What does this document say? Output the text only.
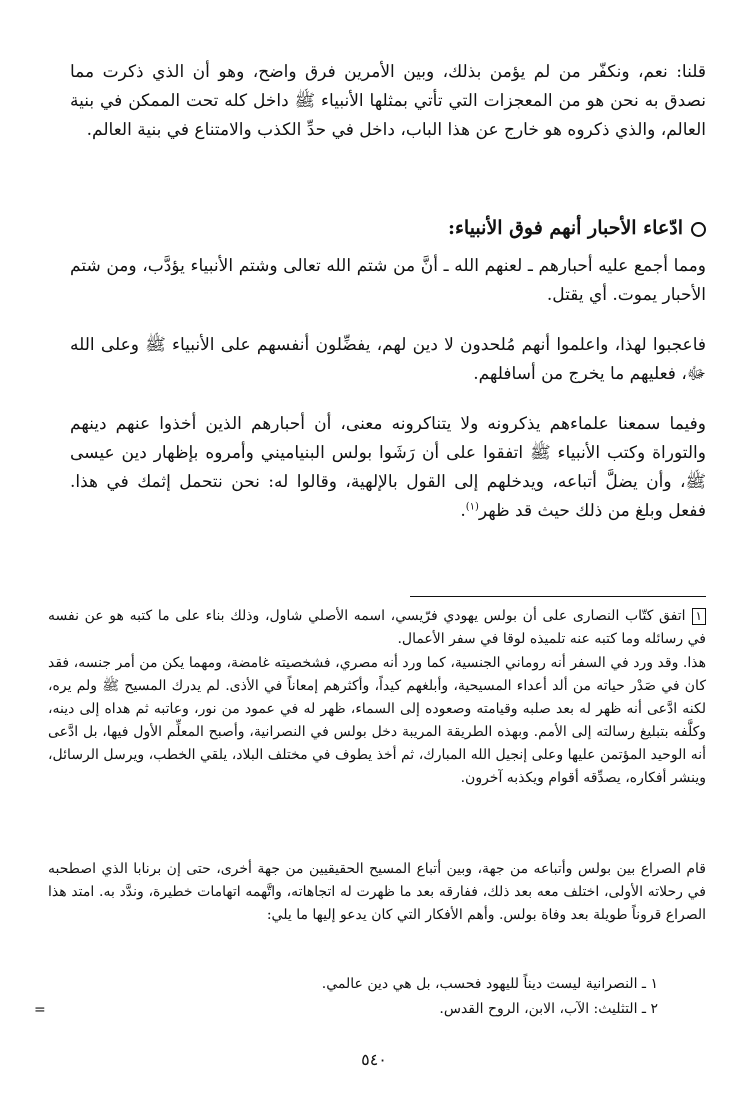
قلنا: نعم، ونكفّر من لم يؤمن بذلك، وبين الأمرين فرق واضح، وهو أن الذي ذكرت مما نصدق به نحن هو من المعجزات التي تأتي بمثلها الأنبياء ﷺ داخل كله تحت الممكن في بنية العالم، والذي ذكروه هو خارج عن هذا الباب، داخل في حدِّ الكذب والامتناع في بنية العالم.
ادّعاء الأحبار أنهم فوق الأنبياء:
ومما أجمع عليه أحبارهم ـ لعنهم الله ـ أنَّ من شتم الله تعالى وشتم الأنبياء يؤدَّب، ومن شتم الأحبار يموت. أي يقتل.
فاعجبوا لهذا، واعلموا أنهم مُلحدون لا دين لهم، يفضِّلون أنفسهم على الأنبياء ﷺ وعلى الله ﷻ، فعليهم ما يخرج من أسافلهم.
وفيما سمعنا علماءهم يذكرونه ولا يتناكرونه معنى، أن أحبارهم الذين أخذوا عنهم دينهم والتوراة وكتب الأنبياء ﷺ اتفقوا على أن رَشَوا بولس البنياميني وأمروه بإظهار دين عيسى ﷺ، وأن يضلَّ أتباعه، ويدخلهم إلى القول بالإلهية، وقالوا له: نحن نتحمل إثمك في هذا. ففعل وبلغ من ذلك حيث قد ظهر$^{(١)}$.
١اتفق كتّاب النصارى على أن بولس يهودي فرّيسي، اسمه الأصلي شاول، وذلك بناء على ما كتبه هو عن نفسه في رسائله وما كتبه عنه تلميذه لوقا في سفر الأعمال.
هذا. وقد ورد في السفر أنه روماني الجنسية، كما ورد أنه مصري، فشخصيته غامضة، ومهما يكن من أمر جنسه، فقد كان في صَدْر حياته من ألد أعداء المسيحية، وأبلغهم كيداً، وأكثرهم إمعاناً في الأذى. لم يدرك المسيح ﷺ ولم يره، لكنه ادَّعى أنه ظهر له بعد صلبه وقيامته وصعوده إلى السماء، ظهر له في عمود من نور، وعاتبه ثم هداه إلى دينه، وكلَّفه بتبليغ رسالته إلى الأمم. وبهذه الطريقة المريبة دخل بولس في النصرانية، وأصبح المعلِّم الأول فيها، بل ادَّعى أنه الوحيد المؤتمن عليها وعلى إنجيل الله المبارك، ثم أخذ يطوف في مختلف البلاد، يلقي الخطب، ويرسل الرسائل، وينشر أفكاره، يصدِّقه أقوام ويكذبه آخرون.
قام الصراع بين بولس وأتباعه من جهة، وبين أتباع المسيح الحقيقيين من جهة أخرى، حتى إن برنابا الذي اصطحبه في رحلاته الأولى، اختلف معه بعد ذلك، ففارقه بعد ما ظهرت له اتجاهاته، واتَّهمه اتهامات خطيرة، وندَّد به. امتد هذا الصراع قروناً طويلة بعد وفاة بولس. وأهم الأفكار التي كان يدعو إليها ما يلي:
١ ـ النصرانية ليست ديناً لليهود فحسب، بل هي دين عالمي.
٢ ـ التثليث: الآب، الابن، الروح القدس.
=
٥٤٠
